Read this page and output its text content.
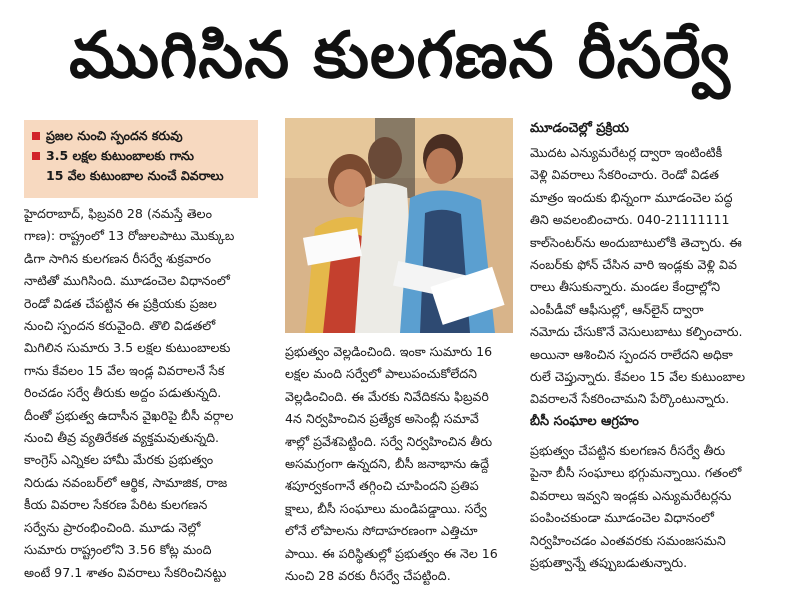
ముగిసిన కులగణన రీసర్వే
ప్రజల నుంచి స్పందన కరువు
3.5 లక్షల కుటుంబాలకు గాను
15 వేల కుటుంబాల నుంచే వివరాలు
హైదరాబాద్, ఫిబ్రవరి 28 (నమస్తే తెలం
గాణ): రాష్ట్రంలో 13 రోజులపాటు మొక్కుబ
డిగా సాగిన కులగణన రీసర్వే శుక్రవారం
నాటితో ముగిసింది. మూడంచెల విధానంలో
రెండో విడత చేపట్టిన ఈ ప్రక్రియకు ప్రజల
నుంచి స్పందన కరువైంది. తొలి విడతలో
మిగిలిన సుమారు 3.5 లక్షల కుటుంబాలకు
గాను కేవలం 15 వేల ఇండ్ల వివరాలనే సేక
రించడం సర్వే తీరుకు అద్దం పడుతున్నది.
దీంతో ప్రభుత్వ ఉదాసీన వైఖరిపై బీసీ వర్గాల
నుంచి తీవ్ర వ్యతిరేకత వ్యక్తమవుతున్నది.
కాంగ్రెస్ ఎన్నికల హామీ మేరకు ప్రభుత్వం
నిరుడు నవంబర్‌లో ఆర్థిక, సామాజిక, రాజ
కీయ వివరాల సేకరణ పేరిట కులగణన
సర్వేను ప్రారంభించింది. మూడు నెల్లో
సుమారు రాష్ట్రంలోని 3.56 కోట్ల మంది
అంటే 97.1 శాతం వివరాలు సేకరించినట్టు
ప్రభుత్వం వెల్లడించింది. ఇంకా సుమారు 16
లక్షల మంది సర్వేలో పాలుపంచుకోలేదని
వెల్లడించింది. ఈ మేరకు నివేదికను ఫిబ్రవరి
4న నిర్వహించిన ప్రత్యేక అసెంబ్లీ సమావే
శాల్లో ప్రవేశపెట్టింది. సర్వే నిర్వహించిన తీరు
అసమగ్రంగా ఉన్నదని, బీసీ జనాభాను ఉద్దే
శపూర్వకంగానే తగ్గించి చూపిందని ప్రతిప
క్షాలు, బీసీ సంఘాలు మండిపడ్డాయి. సర్వే
లోనే లోపాలను సోదాహరణంగా ఎత్తిచూ
పాయి. ఈ పరిస్థితుల్లో ప్రభుత్వం ఈ నెల 16
నుంచి 28 వరకు రీసర్వే చేపట్టింది.
మూడంచెల్లో ప్రక్రియ
మొదట ఎన్యుమరేటర్ల ద్వారా ఇంటింటికీ
వెళ్లి వివరాలు సేకరించారు. రెండో విడత
మాత్రం ఇందుకు భిన్నంగా మూడంచెల పద్ధ
తిని అవలంబించారు. 040-21111111
కాల్‌సెంటర్‌ను అందుబాటులోకి తెచ్చారు. ఈ
నంబర్‌కు ఫోన్ చేసిన వారి ఇండ్లకు వెళ్లి వివ
రాలు తీసుకున్నారు. మండల కేంద్రాల్లోని
ఎంపీడీవో ఆఫీసుల్లో, ఆన్‌లైన్ ద్వారా
నమోదు చేసుకొనే వెసులుబాటు కల్పించారు.
అయినా ఆశించిన స్పందన రాలేదని అధికా
రులే చెప్తున్నారు. కేవలం 15 వేల కుటుంబాల
వివరాలనే సేకరించామని పేర్కొంటున్నారు.
బీసీ సంఘాల ఆగ్రహం
ప్రభుత్వం చేపట్టిన కులగణన రీసర్వే తీరు
పైనా బీసీ సంఘాలు భగ్గుమన్నాయి. గతంలో
వివరాలు ఇవ్వని ఇండ్లకు ఎన్యుమరేటర్లను
పంపించకుండా మూడంచెల విధానంలో
నిర్వహించడం ఎంతవరకు సమంజసమని
ప్రభుత్వాన్నే తప్పుబడుతున్నారు.
